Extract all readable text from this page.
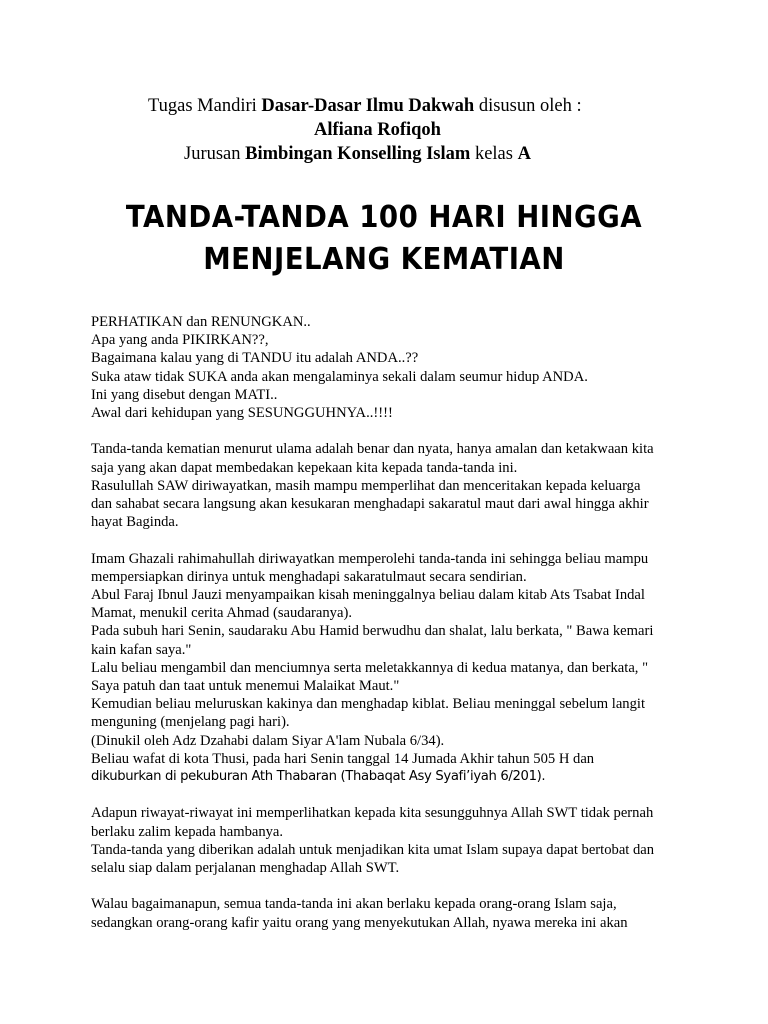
Tugas Mandiri Dasar-Dasar Ilmu Dakwah disusun oleh :
Alfiana Rofiqoh
Jurusan Bimbingan Konselling Islam kelas A
TANDA-TANDA 100 HARI HINGGA
MENJELANG KEMATIAN
PERHATIKAN dan RENUNGKAN..
Apa yang anda PIKIRKAN??,
Bagaimana kalau yang di TANDU itu adalah ANDA..??
Suka ataw tidak SUKA anda akan mengalaminya sekali dalam seumur hidup ANDA.
Ini yang disebut dengan MATI..
Awal dari kehidupan yang SESUNGGUHNYA..!!!!
Tanda-tanda kematian menurut ulama adalah benar dan nyata, hanya amalan dan ketakwaan kita
saja yang akan dapat membedakan kepekaan kita kepada tanda-tanda ini.
Rasulullah SAW diriwayatkan, masih mampu memperlihat dan menceritakan kepada keluarga
dan sahabat secara langsung akan kesukaran menghadapi sakaratul maut dari awal hingga akhir
hayat Baginda.
Imam Ghazali rahimahullah diriwayatkan memperolehi tanda-tanda ini sehingga beliau mampu
mempersiapkan dirinya untuk menghadapi sakaratulmaut secara sendirian.
Abul Faraj Ibnul Jauzi menyampaikan kisah meninggalnya beliau dalam kitab Ats Tsabat Indal
Mamat, menukil cerita Ahmad (saudaranya).
Pada subuh hari Senin, saudaraku Abu Hamid berwudhu dan shalat, lalu berkata, " Bawa kemari
kain kafan saya."
Lalu beliau mengambil dan menciumnya serta meletakkannya di kedua matanya, dan berkata, "
Saya patuh dan taat untuk menemui Malaikat Maut."
Kemudian beliau meluruskan kakinya dan menghadap kiblat. Beliau meninggal sebelum langit
menguning (menjelang pagi hari).
(Dinukil oleh Adz Dzahabi dalam Siyar A'lam Nubala 6/34).
Beliau wafat di kota Thusi, pada hari Senin tanggal 14 Jumada Akhir tahun 505 H dan
dikuburkan di pekuburan Ath Thabaran (Thabaqat Asy Syafi’iyah 6/201).
Adapun riwayat-riwayat ini memperlihatkan kepada kita sesungguhnya Allah SWT tidak pernah
berlaku zalim kepada hambanya.
Tanda-tanda yang diberikan adalah untuk menjadikan kita umat Islam supaya dapat bertobat dan
selalu siap dalam perjalanan menghadap Allah SWT.
Walau bagaimanapun, semua tanda-tanda ini akan berlaku kepada orang-orang Islam saja,
sedangkan orang-orang kafir yaitu orang yang menyekutukan Allah, nyawa mereka ini akan
